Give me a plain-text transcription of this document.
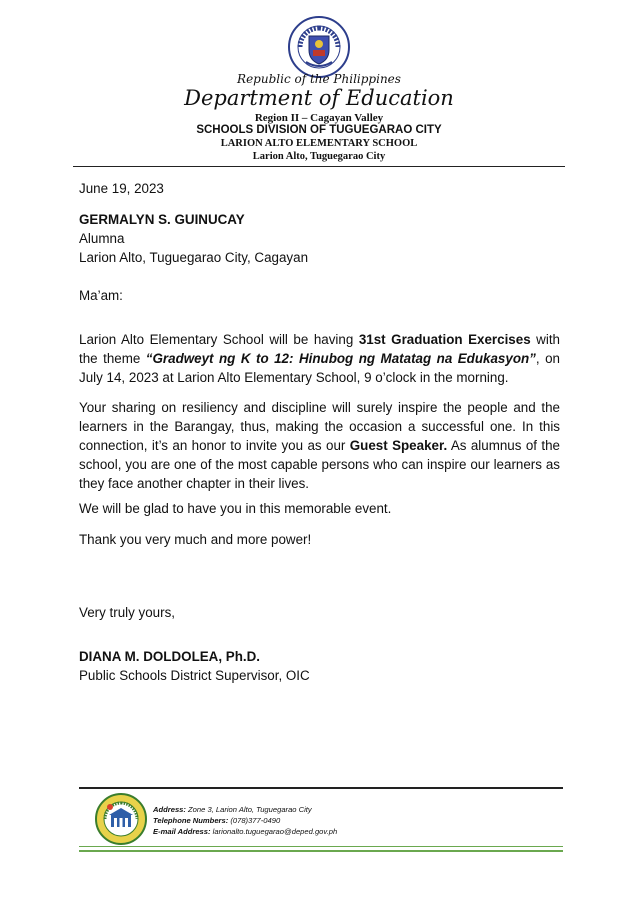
Republic of the Philippines
Department of Education
Region II – Cagayan Valley
SCHOOLS DIVISION OF TUGUEGARAO CITY
LARION ALTO ELEMENTARY SCHOOL
Larion Alto, Tuguegarao City
June 19, 2023
GERMALYN S. GUINUCAY
Alumna
Larion Alto, Tuguegarao City, Cagayan
Ma’am:

Larion Alto Elementary School will be having 31st Graduation Exercises with the theme “Gradweyt ng K to 12: Hinubog ng Matatag na Edukasyon”, on July 14, 2023 at Larion Alto Elementary School, 9 o’clock in the morning.

Your sharing on resiliency and discipline will surely inspire the people and the learners in the Barangay, thus, making the occasion a successful one. In this connection, it’s an honor to invite you as our Guest Speaker. As alumnus of the school, you are one of the most capable persons who can inspire our learners as they face another chapter in their lives.

We will be glad to have you in this memorable event.

Thank you very much and more power!

Very truly yours,
DIANA M. DOLDOLEA, Ph.D.
Public Schools District Supervisor, OIC
Address: Zone 3, Larion Alto, Tuguegarao City
Telephone Numbers: (078)377-0490
E-mail Address: larionalto.tuguegarao@deped.gov.ph
